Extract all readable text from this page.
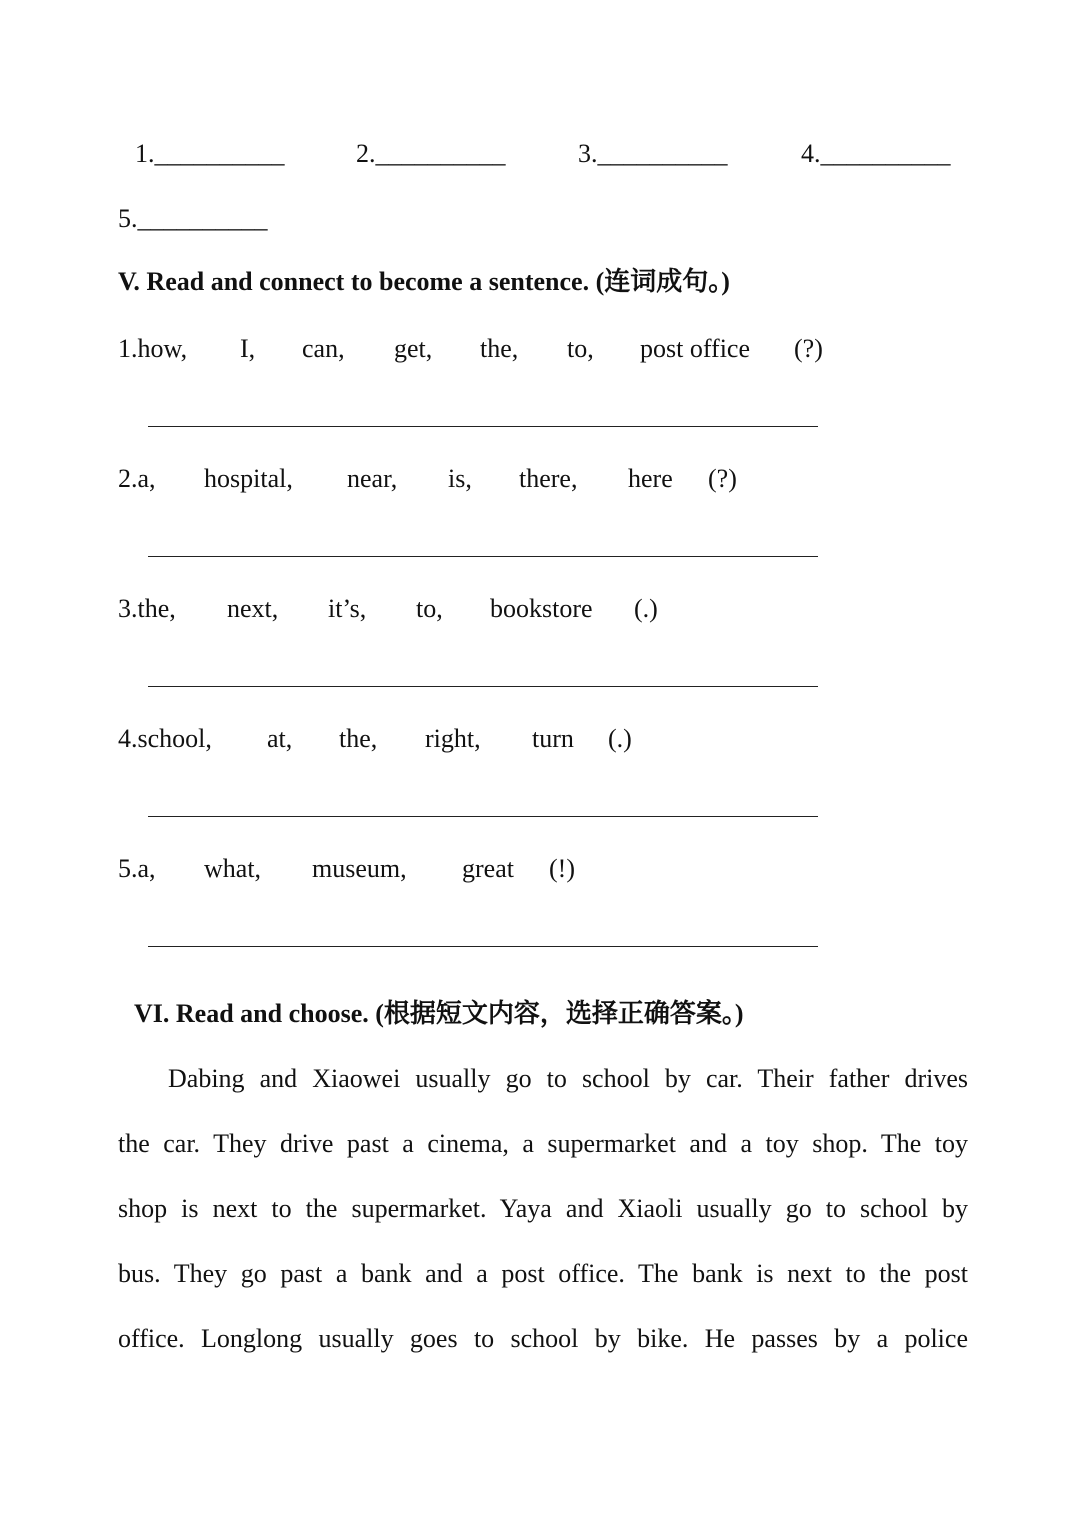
1.__________	2.__________	3.__________	4.__________
5.__________
V. Read and connect to become a sentence. (连词成句。)
1.how, I, can, get, the, to, post office (?)
2.a, hospital, near, is, there, here (?)
3.the, next, it’s, to, bookstore (.)
4.school, at, the, right, turn (.)
5.a, what, museum, great (!)
VI. Read and choose. (根据短文内容，选择正确答案。)
Dabing and Xiaowei usually go to school by car. Their father drives
the car. They drive past a cinema, a supermarket and a toy shop. The toy
shop is next to the supermarket. Yaya and Xiaoli usually go to school by
bus. They go past a bank and a post office. The bank is next to the post
office. Longlong usually goes to school by bike. He passes by a police
